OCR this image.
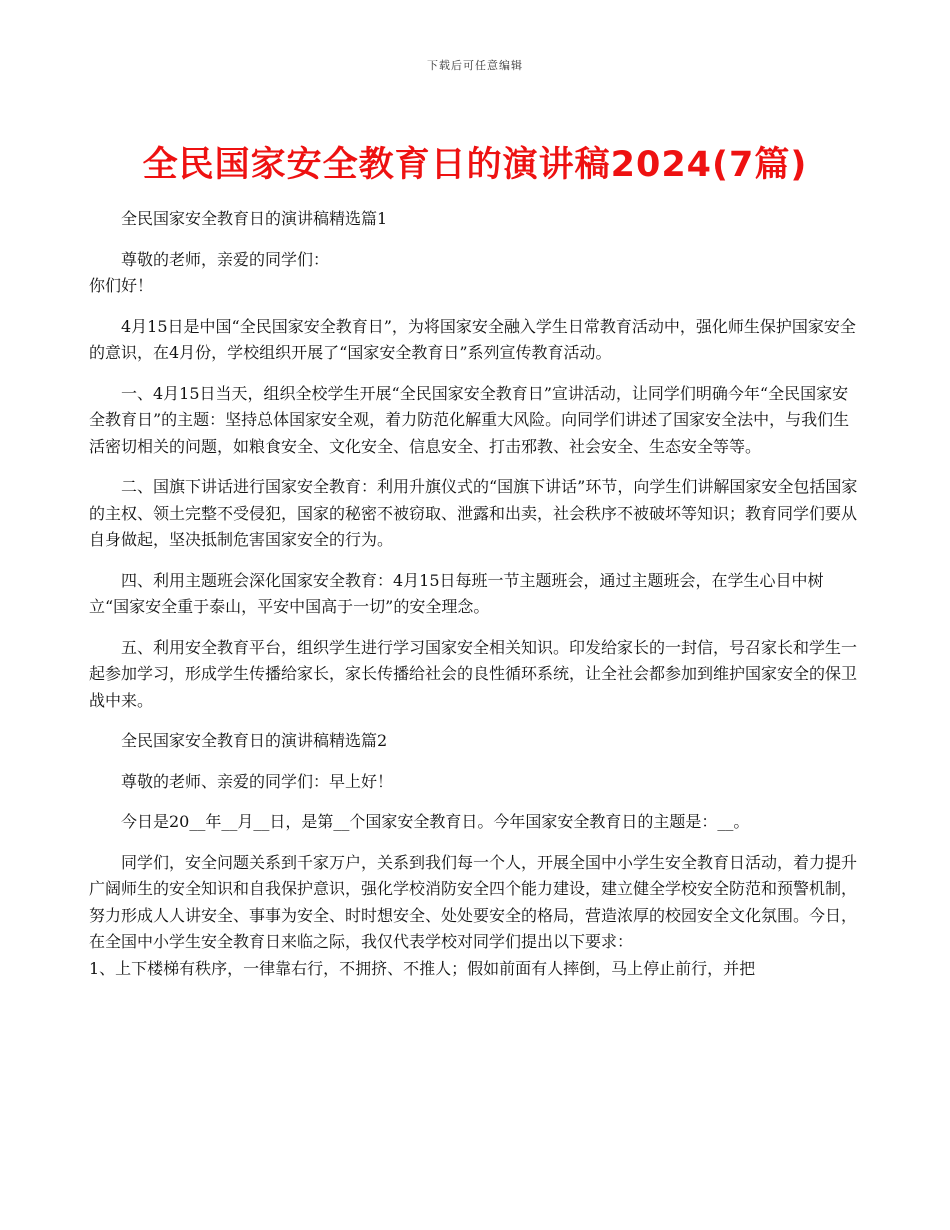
下载后可任意编辑
全民国家安全教育日的演讲稿2024(7篇)

全民国家安全教育日的演讲稿精选篇1

尊敬的老师，亲爱的同学们：

你们好！

4月15日是中国“全民国家安全教育日”，为将国家安全融入学生日常教育活动中，强化师生保护国家安全的意识，在4月份，学校组织开展了“国家安全教育日”系列宣传教育活动。

一、4月15日当天，组织全校学生开展“全民国家安全教育日”宣讲活动，让同学们明确今年“全民国家安全教育日”的主题：坚持总体国家安全观，着力防范化解重大风险。向同学们讲述了国家安全法中，与我们生活密切相关的问题，如粮食安全、文化安全、信息安全、打击邪教、社会安全、生态安全等等。

二、国旗下讲话进行国家安全教育：利用升旗仪式的“国旗下讲话”环节，向学生们讲解国家安全包括国家的主权、领土完整不受侵犯，国家的秘密不被窃取、泄露和出卖，社会秩序不被破坏等知识；教育同学们要从自身做起，坚决抵制危害国家安全的行为。

四、利用主题班会深化国家安全教育：4月15日每班一节主题班会，通过主题班会，在学生心目中树立“国家安全重于泰山，平安中国高于一切”的安全理念。

五、利用安全教育平台，组织学生进行学习国家安全相关知识。印发给家长的一封信，号召家长和学生一起参加学习，形成学生传播给家长，家长传播给社会的良性循环系统，让全社会都参加到维护国家安全的保卫战中来。

全民国家安全教育日的演讲稿精选篇2

尊敬的老师、亲爱的同学们：早上好！

今日是20__年__月__日，是第__个国家安全教育日。今年国家安全教育日的主题是：__。

同学们，安全问题关系到千家万户，关系到我们每一个人，开展全国中小学生安全教育日活动，着力提升广阔师生的安全知识和自我保护意识，强化学校消防安全四个能力建设，建立健全学校安全防范和预警机制，努力形成人人讲安全、事事为安全、时时想安全、处处要安全的格局，营造浓厚的校园安全文化氛围。今日，在全国中小学生安全教育日来临之际，我仅代表学校对同学们提出以下要求：

1、上下楼梯有秩序，一律靠右行，不拥挤、不推人；假如前面有人摔倒，马上停止前行，并把
